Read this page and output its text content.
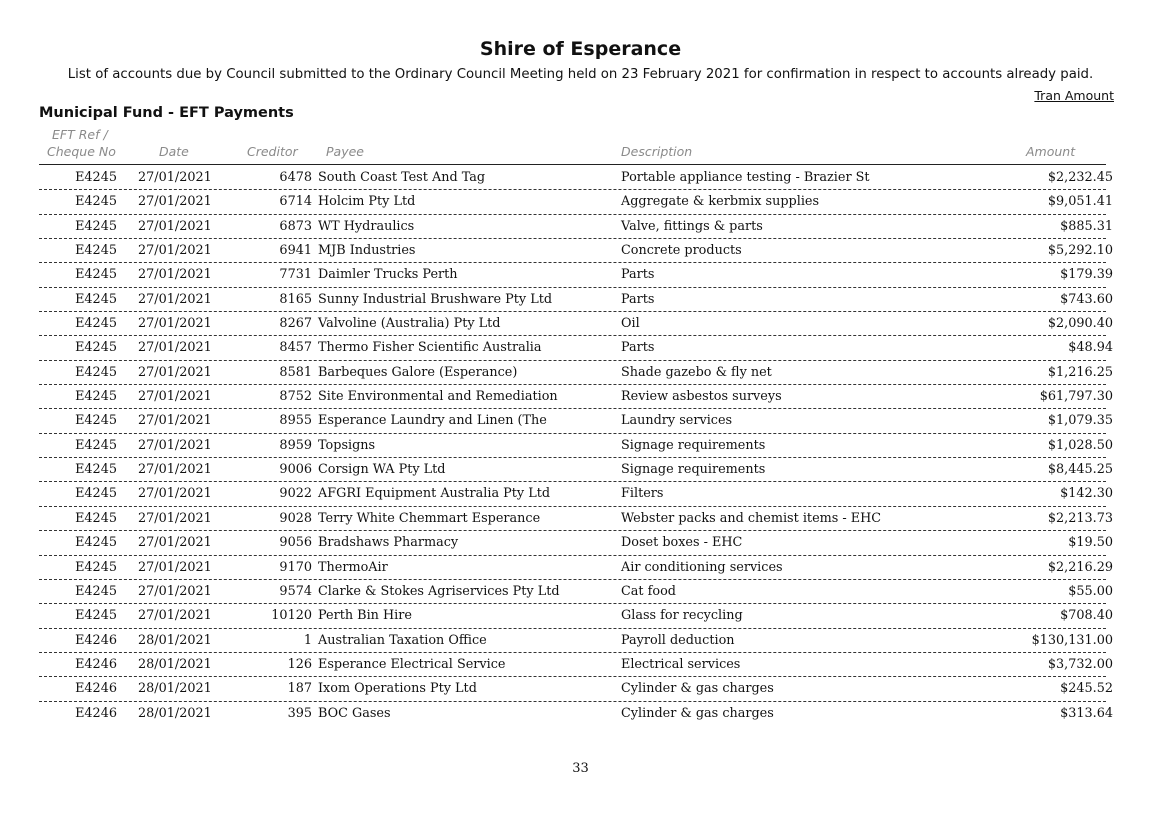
Shire of Esperance
List of accounts due by Council submitted to the Ordinary Council Meeting held on 23 February 2021 for confirmation in respect to accounts already paid.
Tran Amount
Municipal Fund - EFT Payments
EFT Ref /
Cheque No	Date	Creditor Payee	Description	Amount
E4245 27/01/2021	6478 South Coast Test And Tag	Portable appliance testing - Brazier St	$2,232.45
E4245 27/01/2021	6714 Holcim Pty Ltd	Aggregate & kerbmix supplies	$9,051.41
E4245 27/01/2021	6873 WT Hydraulics	Valve, fittings & parts	$885.31
E4245 27/01/2021	6941 MJB Industries	Concrete products	$5,292.10
E4245 27/01/2021	7731 Daimler Trucks Perth	Parts	$179.39
E4245 27/01/2021	8165 Sunny Industrial Brushware Pty Ltd	Parts	$743.60
E4245 27/01/2021	8267 Valvoline (Australia) Pty Ltd	Oil	$2,090.40
E4245 27/01/2021	8457 Thermo Fisher Scientific Australia	Parts	$48.94
E4245 27/01/2021	8581 Barbeques Galore (Esperance)	Shade gazebo & fly net	$1,216.25
E4245 27/01/2021	8752 Site Environmental and Remediation	Review asbestos surveys	$61,797.30
E4245 27/01/2021	8955 Esperance Laundry and Linen (The	Laundry services	$1,079.35
E4245 27/01/2021	8959 Topsigns	Signage requirements	$1,028.50
E4245 27/01/2021	9006 Corsign WA Pty Ltd	Signage requirements	$8,445.25
E4245 27/01/2021	9022 AFGRI Equipment Australia Pty Ltd	Filters	$142.30
E4245 27/01/2021	9028 Terry White Chemmart Esperance	Webster packs and chemist items - EHC	$2,213.73
E4245 27/01/2021	9056 Bradshaws Pharmacy	Doset boxes - EHC	$19.50
E4245 27/01/2021	9170 ThermoAir	Air conditioning services	$2,216.29
E4245 27/01/2021	9574 Clarke & Stokes Agriservices Pty Ltd	Cat food	$55.00
E4245 27/01/2021	10120 Perth Bin Hire	Glass for recycling	$708.40
E4246 28/01/2021	1 Australian Taxation Office	Payroll deduction	$130,131.00
E4246 28/01/2021	126 Esperance Electrical Service	Electrical services	$3,732.00
E4246 28/01/2021	187 Ixom Operations Pty Ltd	Cylinder & gas charges	$245.52
E4246 28/01/2021	395 BOC Gases	Cylinder & gas charges	$313.64
33
